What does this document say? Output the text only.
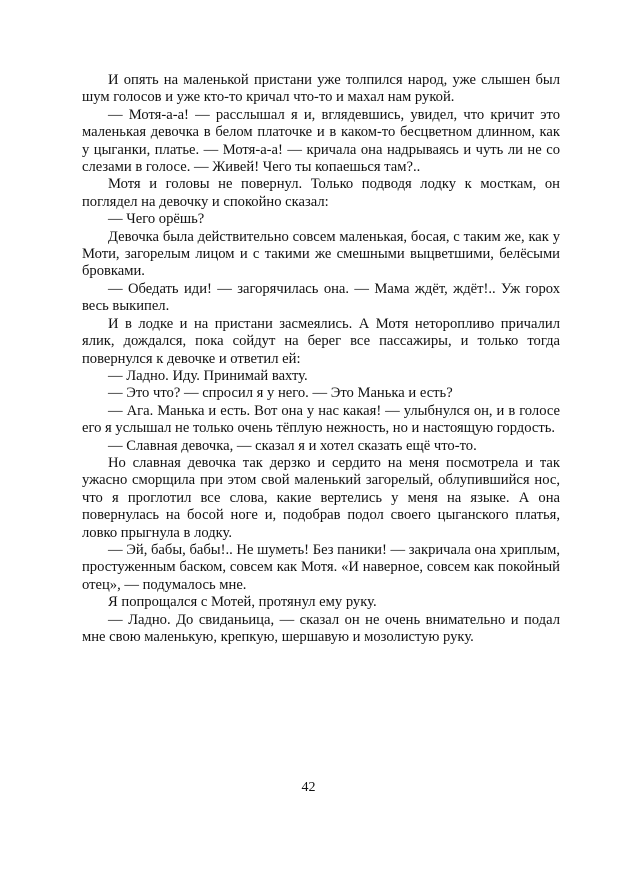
И опять на маленькой пристани уже толпился народ, уже слышен был шум голосов и уже кто-то кричал что-то и махал нам рукой.

— Мотя-а-а! — расслышал я и, вглядевшись, увидел, что кричит это маленькая девочка в белом платочке и в каком-то бесцветном длинном, как у цыганки, платье. — Мотя-а-а! — кричала она надрываясь и чуть ли не со слезами в голосе. — Живей! Чего ты копаешься там?..

Мотя и головы не повернул. Только подводя лодку к мосткам, он поглядел на девочку и спокойно сказал:

— Чего орёшь?

Девочка была действительно совсем маленькая, босая, с таким же, как у Моти, загорелым лицом и с такими же смешными выцветшими, белёсыми бровками.

— Обедать иди! — загорячилась она. — Мама ждёт, ждёт!.. Уж горох весь выкипел.

И в лодке и на пристани засмеялись. А Мотя неторопливо причалил ялик, дождался, пока сойдут на берег все пассажиры, и только тогда повернулся к девочке и ответил ей:

— Ладно. Иду. Принимай вахту.

— Это что? — спросил я у него. — Это Манька и есть?

— Ага. Манька и есть. Вот она у нас какая! — улыбнулся он, и в голосе его я услышал не только очень тёплую нежность, но и настоящую гордость.

— Славная девочка, — сказал я и хотел сказать ещё что-то.

Но славная девочка так дерзко и сердито на меня посмотрела и так ужасно сморщила при этом свой маленький загорелый, облупившийся нос, что я проглотил все слова, какие вертелись у меня на языке. А она повернулась на босой ноге и, подобрав подол своего цыганского платья, ловко прыгнула в лодку.

— Эй, бабы, бабы!.. Не шуметь! Без паники! — закричала она хриплым, простуженным баском, совсем как Мотя. «И наверное, совсем как покойный отец», — подумалось мне.

Я попрощался с Мотей, протянул ему руку.

— Ладно. До свиданьица, — сказал он не очень внимательно и подал мне свою маленькую, крепкую, шершавую и мозолистую руку.

42
